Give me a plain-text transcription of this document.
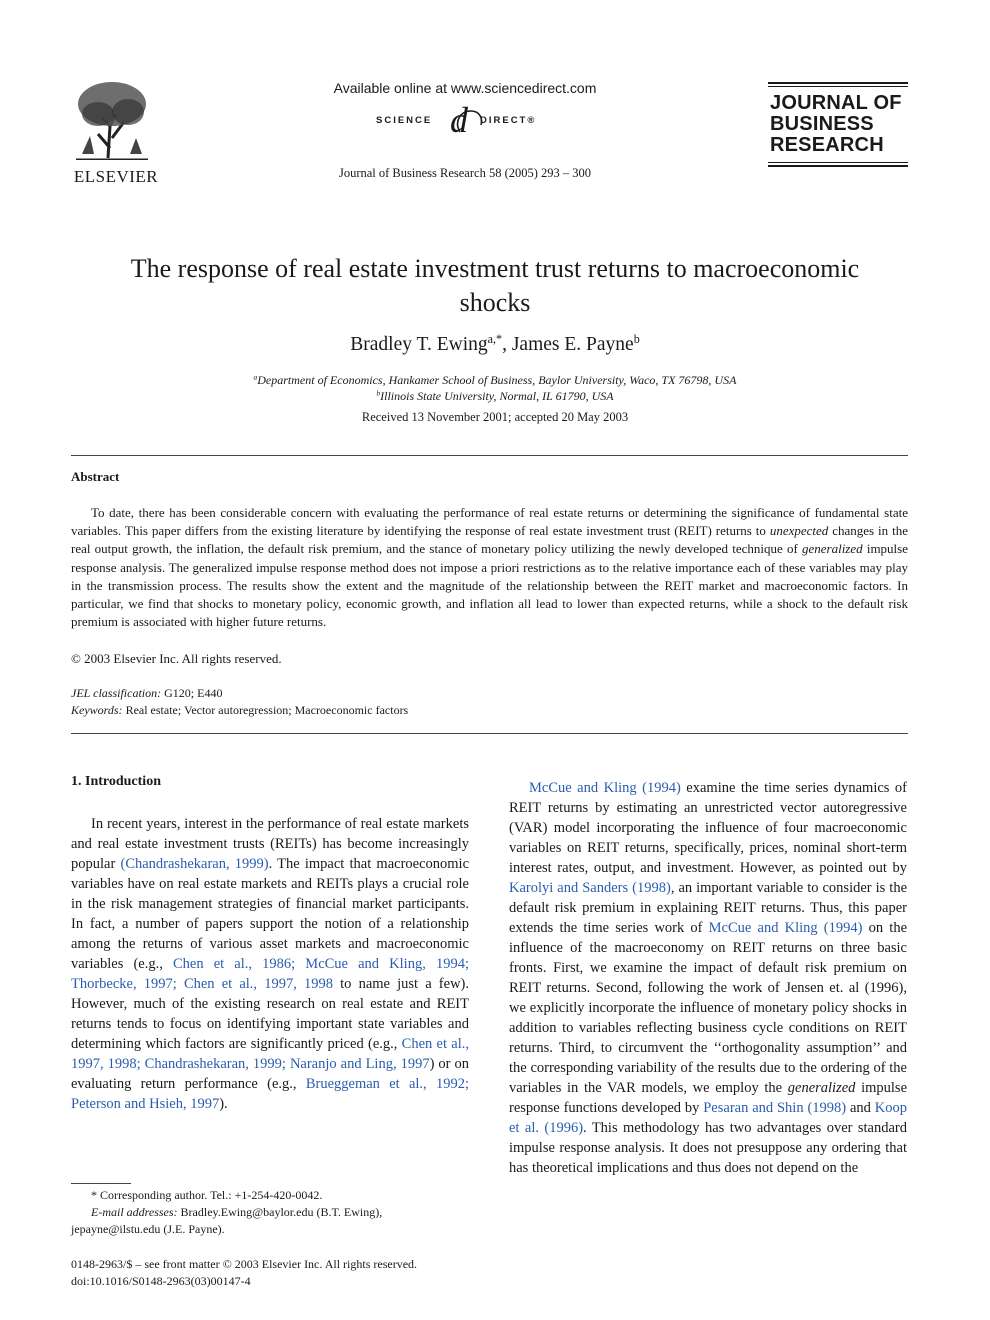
ELSEVIER
Available online at www.sciencedirect.com
SCIENCE d DIRECT®
Journal of Business Research 58 (2005) 293 – 300
JOURNAL OF
BUSINESS
RESEARCH
The response of real estate investment trust returns to macroeconomic shocks
Bradley T. Ewing$^{a,*}$, James E. Payne$^b$
$^a$Department of Economics, Hankamer School of Business, Baylor University, Waco, TX 76798, USA
$^b$Illinois State University, Normal, IL 61790, USA
Received 13 November 2001; accepted 20 May 2003
Abstract
To date, there has been considerable concern with evaluating the performance of real estate returns or determining the significance of fundamental state variables. This paper differs from the existing literature by identifying the response of real estate investment trust (REIT) returns to unexpected changes in the real output growth, the inflation, the default risk premium, and the stance of monetary policy utilizing the newly developed technique of generalized impulse response analysis. The generalized impulse response method does not impose a priori restrictions as to the relative importance each of these variables may play in the transmission process. The results show the extent and the magnitude of the relationship between the REIT market and macroeconomic factors. In particular, we find that shocks to monetary policy, economic growth, and inflation all lead to lower than expected returns, while a shock to the default risk premium is associated with higher future returns.
© 2003 Elsevier Inc. All rights reserved.
JEL classification: G120; E440
Keywords: Real estate; Vector autoregression; Macroeconomic factors
1. Introduction
In recent years, interest in the performance of real estate markets and real estate investment trusts (REITs) has become increasingly popular (Chandrashekaran, 1999). The impact that macroeconomic variables have on real estate markets and REITs plays a crucial role in the risk management strategies of financial market participants. In fact, a number of papers support the notion of a relationship among the returns of various asset markets and macroeconomic variables (e.g., Chen et al., 1986; McCue and Kling, 1994; Thorbecke, 1997; Chen et al., 1997, 1998 to name just a few). However, much of the existing research on real estate and REIT returns tends to focus on identifying important state variables and determining which factors are significantly priced (e.g., Chen et al., 1997, 1998; Chandrashekaran, 1999; Naranjo and Ling, 1997) or on evaluating return performance (e.g., Brueggeman et al., 1992; Peterson and Hsieh, 1997).
McCue and Kling (1994) examine the time series dynamics of REIT returns by estimating an unrestricted vector autoregressive (VAR) model incorporating the influence of four macroeconomic variables on REIT returns, specifically, prices, nominal short-term interest rates, output, and investment. However, as pointed out by Karolyi and Sanders (1998), an important variable to consider is the default risk premium in explaining REIT returns. Thus, this paper extends the time series work of McCue and Kling (1994) on the influence of the macroeconomy on REIT returns on three basic fronts. First, we examine the impact of default risk premium on REIT returns. Second, following the work of Jensen et. al (1996), we explicitly incorporate the influence of monetary policy shocks in addition to variables reflecting business cycle conditions on REIT returns. Third, to circumvent the ‘‘orthogonality assumption’’ and the corresponding variability of the results due to the ordering of the variables in the VAR models, we employ the generalized impulse response functions developed by Pesaran and Shin (1998) and Koop et al. (1996). This methodology has two advantages over standard impulse response analysis. It does not presuppose any ordering that has theoretical implications and thus does not depend on the
* Corresponding author. Tel.: +1-254-420-0042.
E-mail addresses: Bradley.Ewing@baylor.edu (B.T. Ewing), jepayne@ilstu.edu (J.E. Payne).
0148-2963/$ – see front matter © 2003 Elsevier Inc. All rights reserved.
doi:10.1016/S0148-2963(03)00147-4
